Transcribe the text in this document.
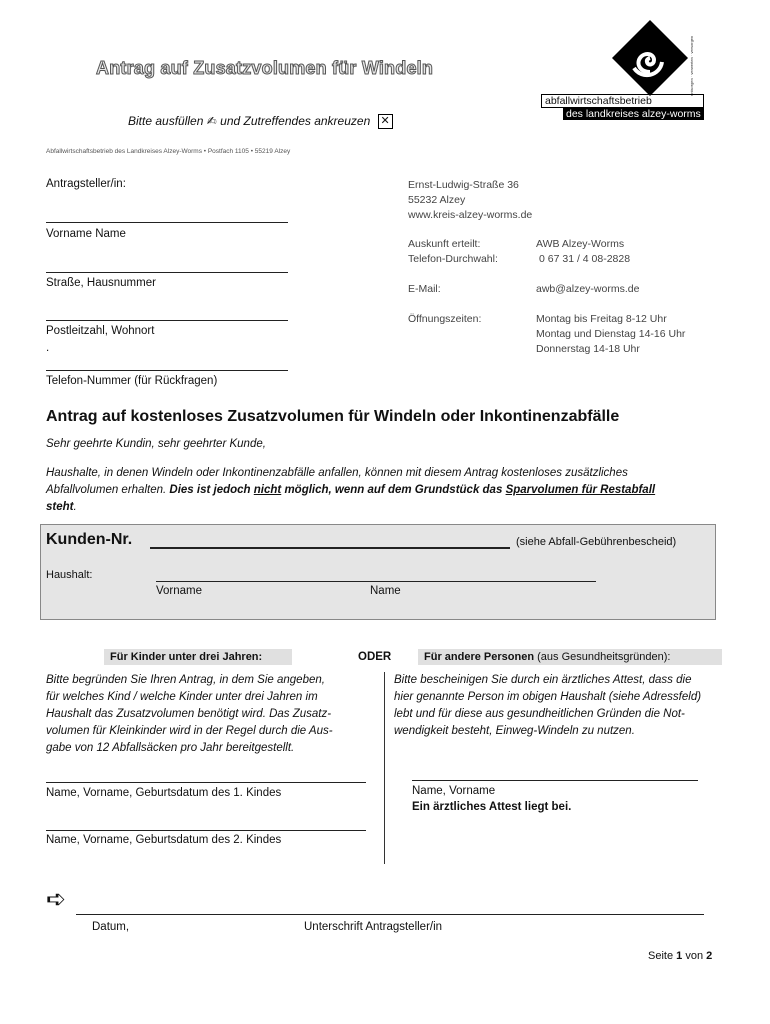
Antrag auf Zusatzvolumen für Windeln
Bitte ausfüllen ✍ und Zutreffendes ankreuzen ✕
Abfallwirtschaftsbetrieb des Landkreises Alzey-Worms • Postfach 1105 • 55219 Alzey
entsorgen · verwerten · versorgen
abfallwirtschaftsbetrieb
des landkreises alzey-worms
Antragsteller/in:
Vorname Name
Straße, Hausnummer
Postleitzahl, Wohnort
.
Telefon-Nummer (für Rückfragen)
Ernst-Ludwig-Straße 36
55232 Alzey
www.kreis-alzey-worms.de
Auskunft erteilt:	AWB Alzey-Worms
Telefon-Durchwahl:	0 67 31 / 4 08-2828
E-Mail:	awb@alzey-worms.de
Öffnungszeiten:	Montag bis Freitag 8-12 Uhr
Montag und Dienstag 14-16 Uhr
Donnerstag 14-18 Uhr
Antrag auf kostenloses Zusatzvolumen für Windeln oder Inkontinenzabfälle
Sehr geehrte Kundin, sehr geehrter Kunde,
Haushalte, in denen Windeln oder Inkontinenzabfälle anfallen, können mit diesem Antrag kostenloses zusätzliches
Abfallvolumen erhalten. Dies ist jedoch nicht möglich, wenn auf dem Grundstück das Sparvolumen für Restabfall
steht.
Kunden-Nr.	(siehe Abfall-Gebührenbescheid)
Haushalt:
Vorname	Name
Für Kinder unter drei Jahren:	ODER	Für andere Personen (aus Gesundheitsgründen):
Bitte begründen Sie Ihren Antrag, in dem Sie angeben,
für welches Kind / welche Kinder unter drei Jahren im
Haushalt das Zusatzvolumen benötigt wird. Das Zusatz-
volumen für Kleinkinder wird in der Regel durch die Aus-
gabe von 12 Abfallsäcken pro Jahr bereitgestellt.
Bitte bescheinigen Sie durch ein ärztliches Attest, dass die
hier genannte Person im obigen Haushalt (siehe Adressfeld)
lebt und für diese aus gesundheitlichen Gründen die Not-
wendigkeit besteht, Einweg-Windeln zu nutzen.
Name, Vorname, Geburtsdatum des 1. Kindes
Name, Vorname, Geburtsdatum des 2. Kindes
Name, Vorname
Ein ärztliches Attest liegt bei.
➪
Datum,	Unterschrift Antragsteller/in
Seite 1 von 2
